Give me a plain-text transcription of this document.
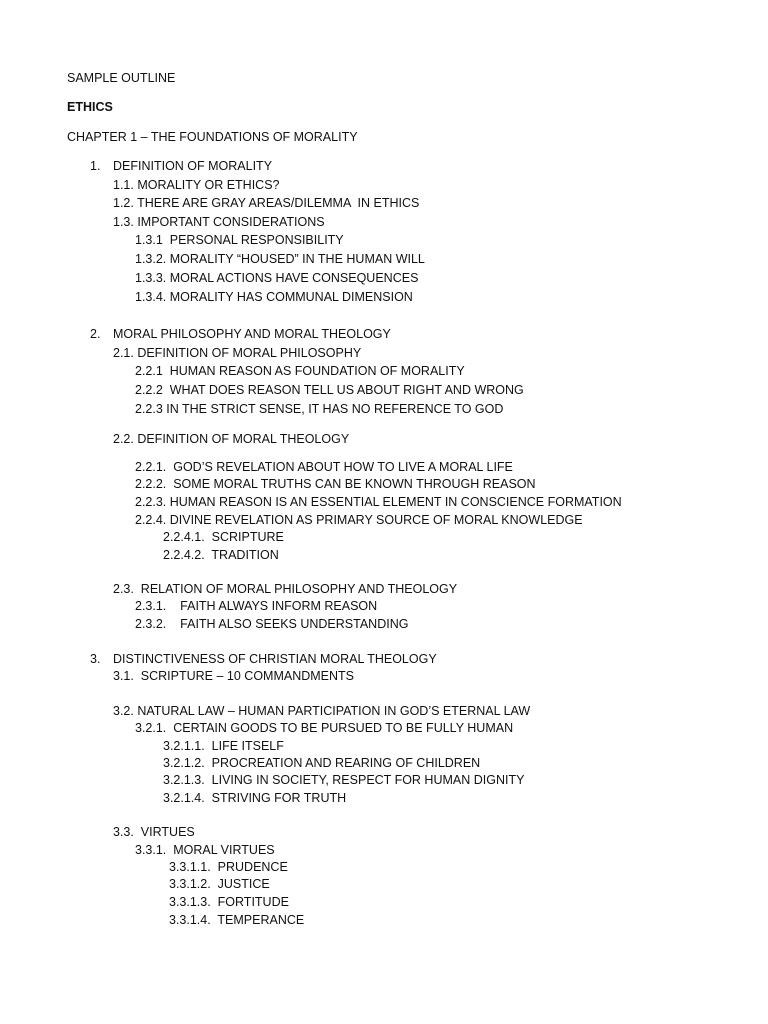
SAMPLE OUTLINE
ETHICS
CHAPTER 1 – THE FOUNDATIONS OF MORALITY
1. DEFINITION OF MORALITY
1.1. MORALITY OR ETHICS?
1.2. THERE ARE GRAY AREAS/DILEMMA  IN ETHICS
1.3. IMPORTANT CONSIDERATIONS
1.3.1  PERSONAL RESPONSIBILITY
1.3.2. MORALITY “HOUSED” IN THE HUMAN WILL
1.3.3. MORAL ACTIONS HAVE CONSEQUENCES
1.3.4. MORALITY HAS COMMUNAL DIMENSION
2. MORAL PHILOSOPHY AND MORAL THEOLOGY
2.1. DEFINITION OF MORAL PHILOSOPHY
2.2.1  HUMAN REASON AS FOUNDATION OF MORALITY
2.2.2  WHAT DOES REASON TELL US ABOUT RIGHT AND WRONG
2.2.3 IN THE STRICT SENSE, IT HAS NO REFERENCE TO GOD
2.2. DEFINITION OF MORAL THEOLOGY
2.2.1.  GOD’S REVELATION ABOUT HOW TO LIVE A MORAL LIFE
2.2.2.  SOME MORAL TRUTHS CAN BE KNOWN THROUGH REASON
2.2.3. HUMAN REASON IS AN ESSENTIAL ELEMENT IN CONSCIENCE FORMATION
2.2.4. DIVINE REVELATION AS PRIMARY SOURCE OF MORAL KNOWLEDGE
2.2.4.1.  SCRIPTURE
2.2.4.2.  TRADITION
2.3.  RELATION OF MORAL PHILOSOPHY AND THEOLOGY
2.3.1.    FAITH ALWAYS INFORM REASON
2.3.2.    FAITH ALSO SEEKS UNDERSTANDING
3. DISTINCTIVENESS OF CHRISTIAN MORAL THEOLOGY
3.1.  SCRIPTURE – 10 COMMANDMENTS
3.2. NATURAL LAW – HUMAN PARTICIPATION IN GOD’S ETERNAL LAW
3.2.1.  CERTAIN GOODS TO BE PURSUED TO BE FULLY HUMAN
3.2.1.1.  LIFE ITSELF
3.2.1.2.  PROCREATION AND REARING OF CHILDREN
3.2.1.3.  LIVING IN SOCIETY, RESPECT FOR HUMAN DIGNITY
3.2.1.4.  STRIVING FOR TRUTH
3.3.  VIRTUES
3.3.1.  MORAL VIRTUES
3.3.1.1.  PRUDENCE
3.3.1.2.  JUSTICE
3.3.1.3.  FORTITUDE
3.3.1.4.  TEMPERANCE
